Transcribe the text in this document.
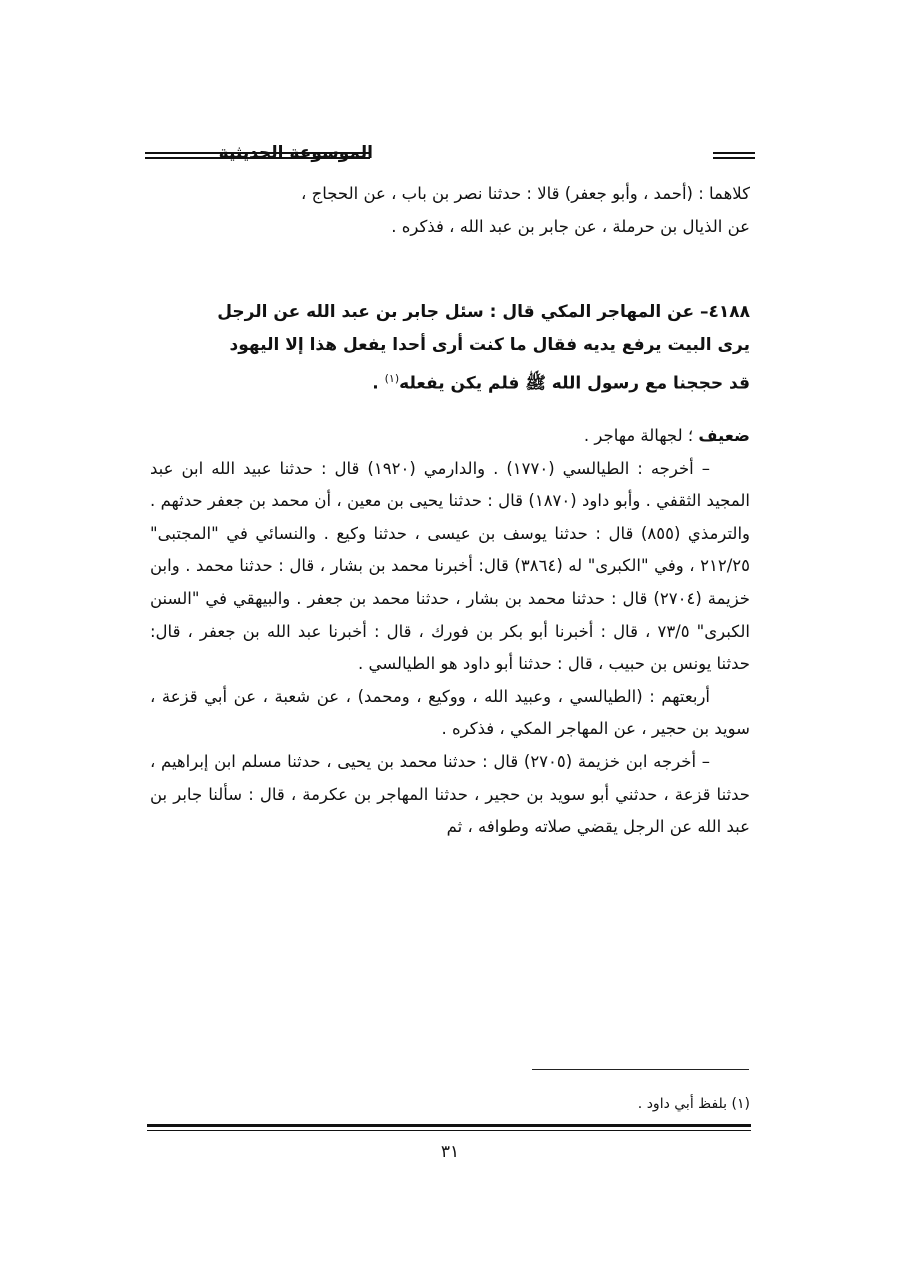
الموسوعة الحديثية

كلاهما : (أحمد ، وأبو جعفر) قالا : حدثنا نصر بن باب ، عن الحجاج ،

عن الذيال بن حرملة ، عن جابر بن عبد الله ، فذكره .

٤١٨٨– عن المهاجر المكي قال : سئل جابر بن عبد الله عن الرجل

يرى البيت يرفع يديه فقال ما كنت أرى أحدا يفعل هذا إلا اليهود

قد حججنا مع رسول الله ﷺ فلم يكن يفعله$^{(١)}$ .

ضعيف ؛ لجهالة مهاجر .

– أخرجه : الطيالسي (١٧٧٠) . والدارمي (١٩٢٠) قال : حدثنا عبيد الله ابن عبد المجيد الثقفي . وأبو داود (١٨٧٠) قال : حدثنا يحيى بن معين ، أن محمد بن جعفر حدثهم . والترمذي (٨٥٥) قال : حدثنا يوسف بن عيسى ، حدثنا وكيع . والنسائي في "المجتبى" ٢١٢/٢٥ ، وفي "الكبرى" له (٣٨٦٤) قال: أخبرنا محمد بن بشار ، قال : حدثنا محمد . وابن خزيمة (٢٧٠٤) قال : حدثنا محمد بن بشار ، حدثنا محمد بن جعفر . والبيهقي في "السنن الكبرى" ٧٣/٥ ، قال : أخبرنا أبو بكر بن فورك ، قال : أخبرنا عبد الله بن جعفر ، قال: حدثنا يونس بن حبيب ، قال : حدثنا أبو داود هو الطيالسي .

أربعتهم : (الطيالسي ، وعبيد الله ، ووكيع ، ومحمد) ، عن شعبة ، عن أبي قزعة ، سويد بن حجير ، عن المهاجر المكي ، فذكره .

– أخرجه ابن خزيمة (٢٧٠٥) قال : حدثنا محمد بن يحيى ، حدثنا مسلم ابن إبراهيم ، حدثنا قزعة ، حدثني أبو سويد بن حجير ، حدثنا المهاجر بن عكرمة ، قال : سألنا جابر بن عبد الله عن الرجل يقضي صلاته وطوافه ، ثم

(١) بلفظ أبي داود .
٣١
